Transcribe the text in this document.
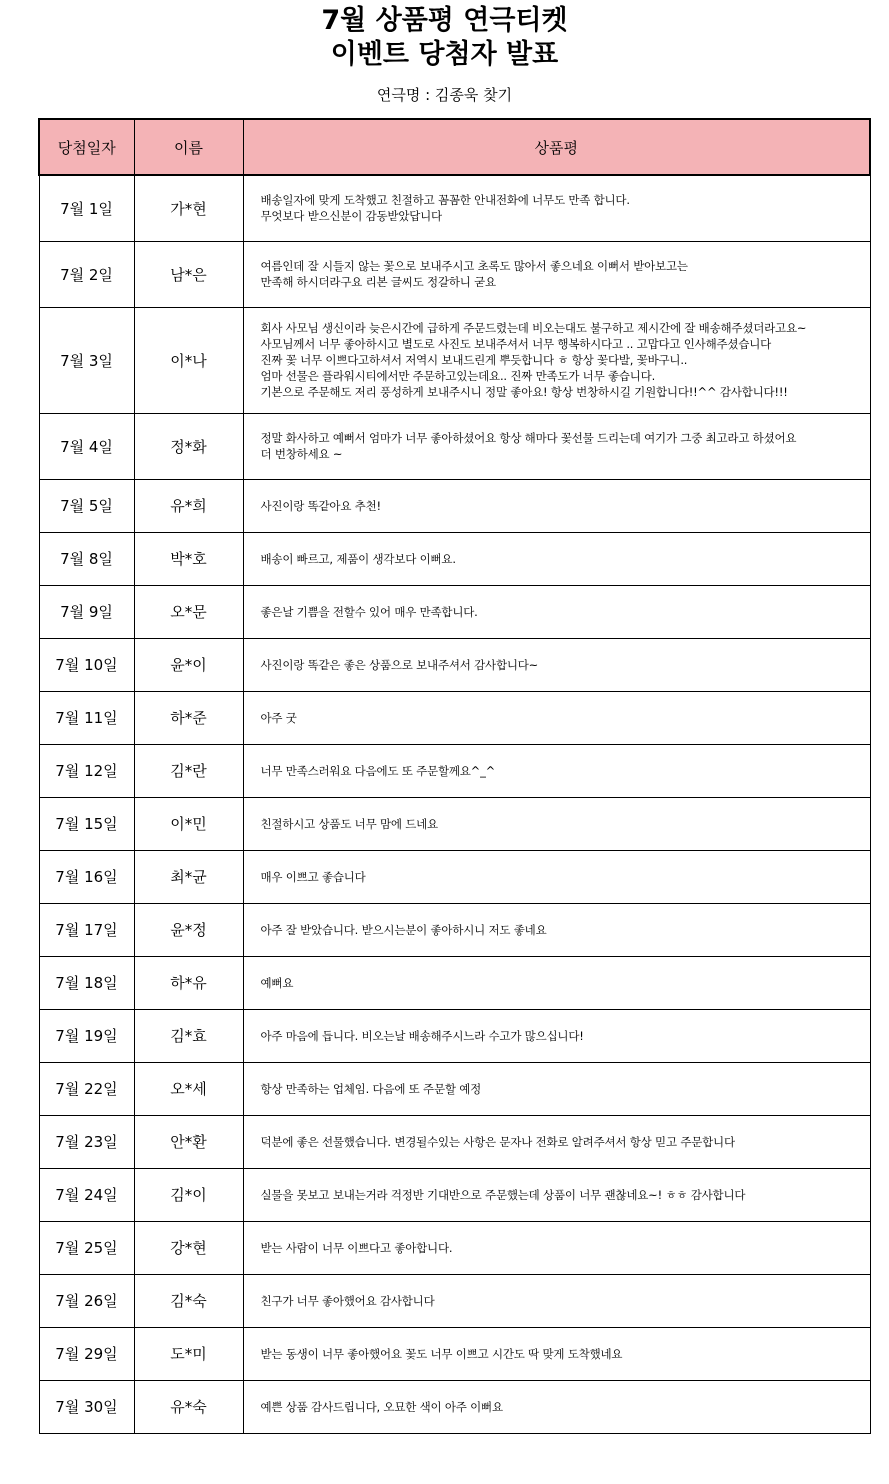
7월 상품평 연극티켓
이벤트 당첨자 발표
연극명 : 김종욱 찾기
당첨일자	이름	상품평
7월 1일	가*현	배송일자에 맞게 도착했고 친절하고 꼼꼼한 안내전화에 너무도 만족 합니다.
무엇보다 받으신분이 감동받았답니다
7월 2일	남*은	여름인데 잘 시들지 않는 꽃으로 보내주시고 초록도 많아서 좋으네요 이뻐서 받아보고는
만족해 하시더라구요 리본 글씨도 정갈하니 굳요
7월 3일	이*나	회사 사모님 생신이라 늦은시간에 급하게 주문드렸는데 비오는대도 불구하고 제시간에 잘 배송해주셨더라고요~
사모님께서 너무 좋아하시고 별도로 사진도 보내주셔서 너무 행복하시다고 .. 고맙다고 인사해주셨습니다
진짜 꽃 너무 이쁘다고하셔서 저역시 보내드린게 뿌듯합니다 ㅎ 항상 꽃다발, 꽃바구니..
엄마 선물은 플라워시티에서만 주문하고있는데요.. 진짜 만족도가 너무 좋습니다.
기본으로 주문해도 저리 풍성하게 보내주시니 정말 좋아요! 항상 번창하시길 기원합니다!!^^ 감사합니다!!!
7월 4일	정*화	정말 화사하고 예뻐서 엄마가 너무 좋아하셨어요 항상 해마다 꽃선물 드리는데 여기가 그중 최고라고 하셨어요
더 번창하세요 ~
7월 5일	유*희	사진이랑 똑같아요 추천!
7월 8일	박*호	배송이 빠르고, 제품이 생각보다 이뻐요.
7월 9일	오*문	좋은날 기쁨을 전할수 있어 매우 만족합니다.
7월 10일	윤*이	사진이랑 똑같은 좋은 상품으로 보내주셔서 감사합니다~
7월 11일	하*준	아주 굿
7월 12일	김*란	너무 만족스러워요 다음에도 또 주문할께요^_^
7월 15일	이*민	친절하시고 상품도 너무 맘에 드네요
7월 16일	최*균	매우 이쁘고 좋습니다
7월 17일	윤*정	아주 잘 받았습니다. 받으시는분이 좋아하시니 저도 좋네요
7월 18일	하*유	예뻐요
7월 19일	김*효	아주 마음에 듭니다. 비오는날 배송해주시느라 수고가 많으십니다!
7월 22일	오*세	항상 만족하는 업체임. 다음에 또 주문할 예정
7월 23일	안*환	덕분에 좋은 선물했습니다. 변경될수있는 사항은 문자나 전화로 알려주셔서 항상 믿고 주문합니다
7월 24일	김*이	실물을 못보고 보내는거라 걱정반 기대반으로 주문했는데 상품이 너무 괜찮네요~! ㅎㅎ 감사합니다
7월 25일	강*현	받는 사람이 너무 이쁘다고 좋아합니다.
7월 26일	김*숙	친구가 너무 좋아했어요 감사합니다
7월 29일	도*미	받는 동생이 너무 좋아했어요 꽃도 너무 이쁘고 시간도 딱 맞게 도착했네요
7월 30일	유*숙	예쁜 상품 감사드립니다, 오묘한 색이 아주 이뻐요
